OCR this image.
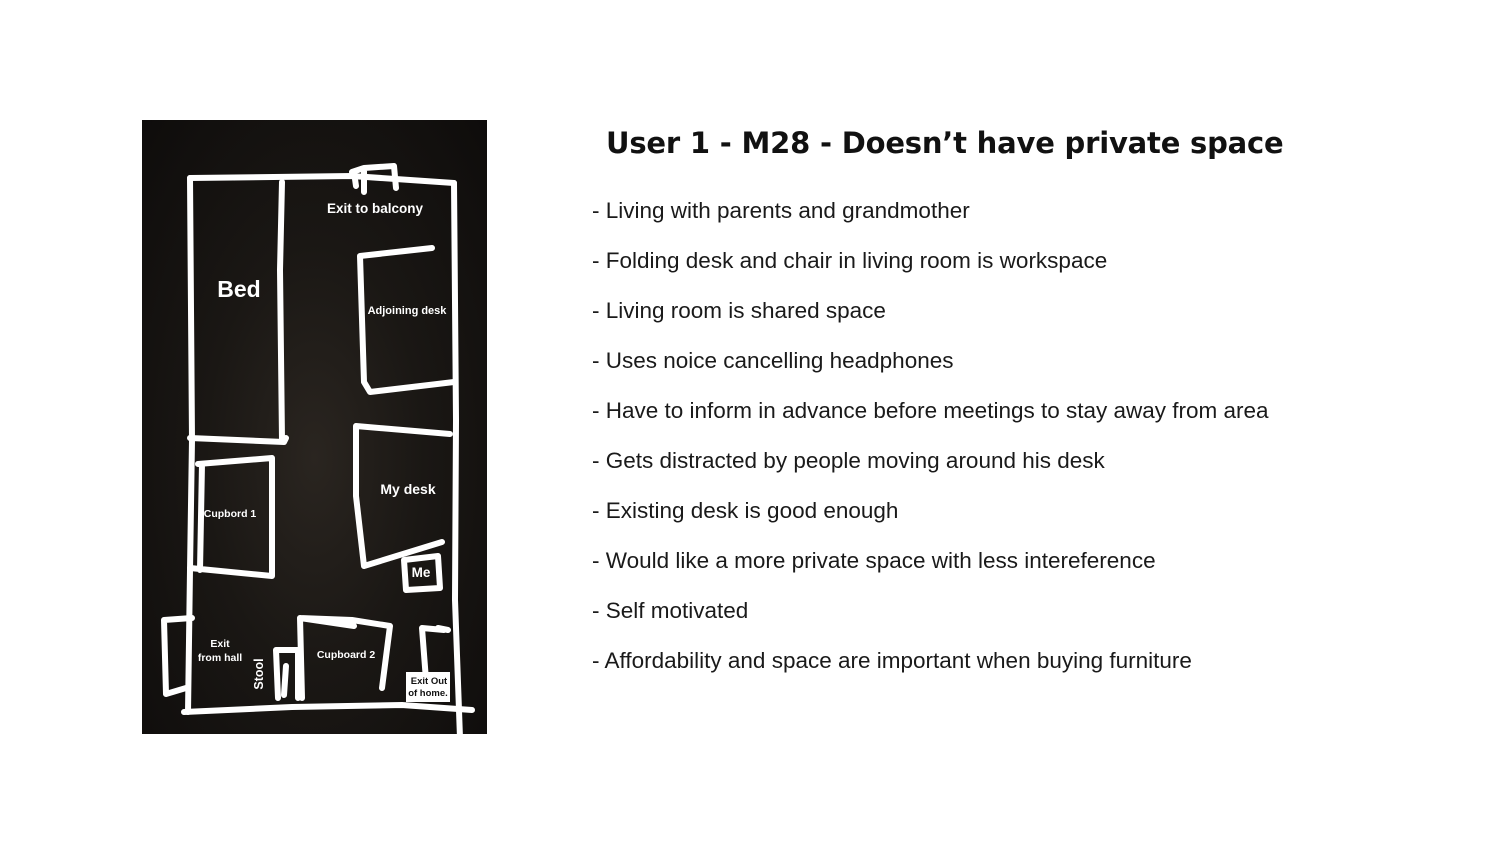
Bed
Exit to balcony
Adjoining desk
My desk
Cupbord 1
Me
Exit
from hall
Stool
Cupboard 2
Exit Out
of home.
User 1 - M28 - Doesn’t have private space
- Living with parents and grandmother
- Folding desk and chair in living room is workspace
- Living room is shared space
- Uses noice cancelling headphones
- Have to inform in advance before meetings to stay away from area
- Gets distracted by people moving around his desk
- Existing desk is good enough
- Would like a more private space with less intereference
- Self motivated
- Affordability and space are important when buying furniture
